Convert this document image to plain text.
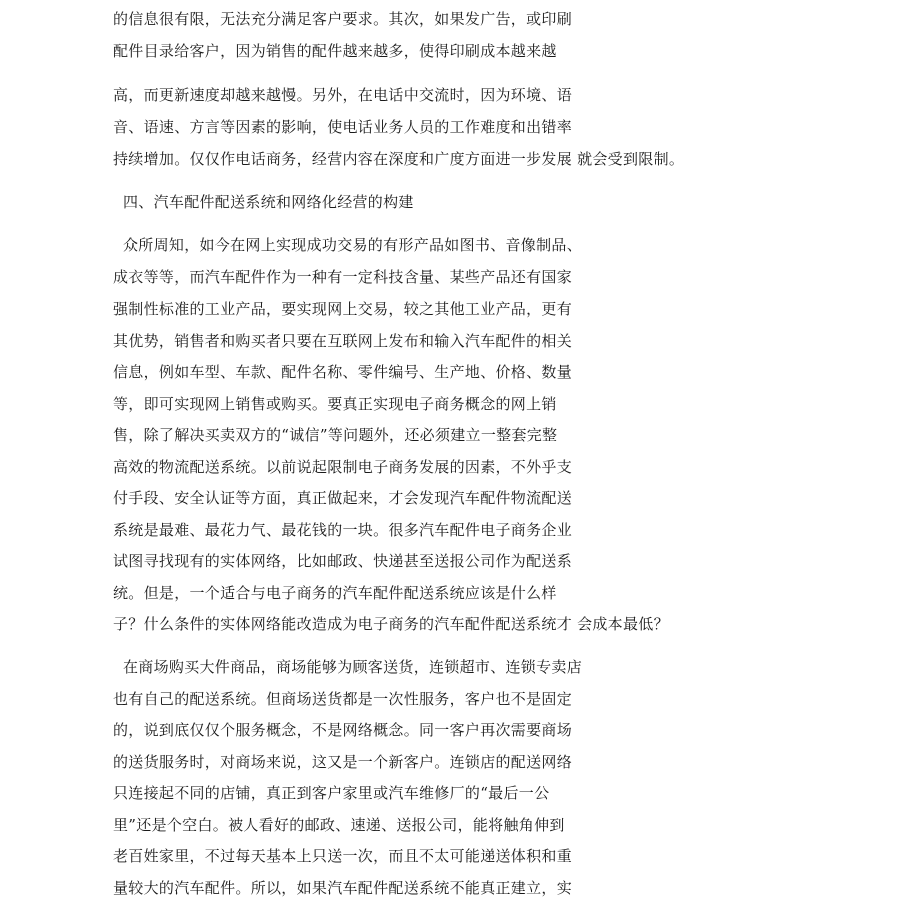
的信息很有限，无法充分满足客户要求。其次，如果发广告，或印刷
配件目录给客户，因为销售的配件越来越多，使得印刷成本越来越
高，而更新速度却越来越慢。另外，在电话中交流时，因为环境、语
音、语速、方言等因素的影响，使电话业务人员的工作难度和出错率
持续增加。仅仅作电话商务，经营内容在深度和广度方面进一步发展 就会受到限制。
四、汽车配件配送系统和网络化经营的构建
众所周知，如今在网上实现成功交易的有形产品如图书、音像制品、
成衣等等，而汽车配件作为一种有一定科技含量、某些产品还有国家
强制性标准的工业产品，要实现网上交易，较之其他工业产品，更有
其优势，销售者和购买者只要在互联网上发布和输入汽车配件的相关
信息，例如车型、车款、配件名称、零件编号、生产地、价格、数量
等，即可实现网上销售或购买。要真正实现电子商务概念的网上销
售，除了解决买卖双方的“诚信”等问题外，还必须建立一整套完整
高效的物流配送系统。以前说起限制电子商务发展的因素，不外乎支
付手段、安全认证等方面，真正做起来，才会发现汽车配件物流配送
系统是最难、最花力气、最花钱的一块。很多汽车配件电子商务企业
试图寻找现有的实体网络，比如邮政、快递甚至送报公司作为配送系
统。但是，一个适合与电子商务的汽车配件配送系统应该是什么样
子？什么条件的实体网络能改造成为电子商务的汽车配件配送系统才 会成本最低？
在商场购买大件商品，商场能够为顾客送货，连锁超市、连锁专卖店
也有自己的配送系统。但商场送货都是一次性服务，客户也不是固定
的，说到底仅仅个服务概念，不是网络概念。同一客户再次需要商场
的送货服务时，对商场来说，这又是一个新客户。连锁店的配送网络
只连接起不同的店铺，真正到客户家里或汽车维修厂的“最后一公
里”还是个空白。被人看好的邮政、速递、送报公司，能将触角伸到
老百姓家里，不过每天基本上只送一次，而且不太可能递送体积和重
量较大的汽车配件。所以，如果汽车配件配送系统不能真正建立，实
